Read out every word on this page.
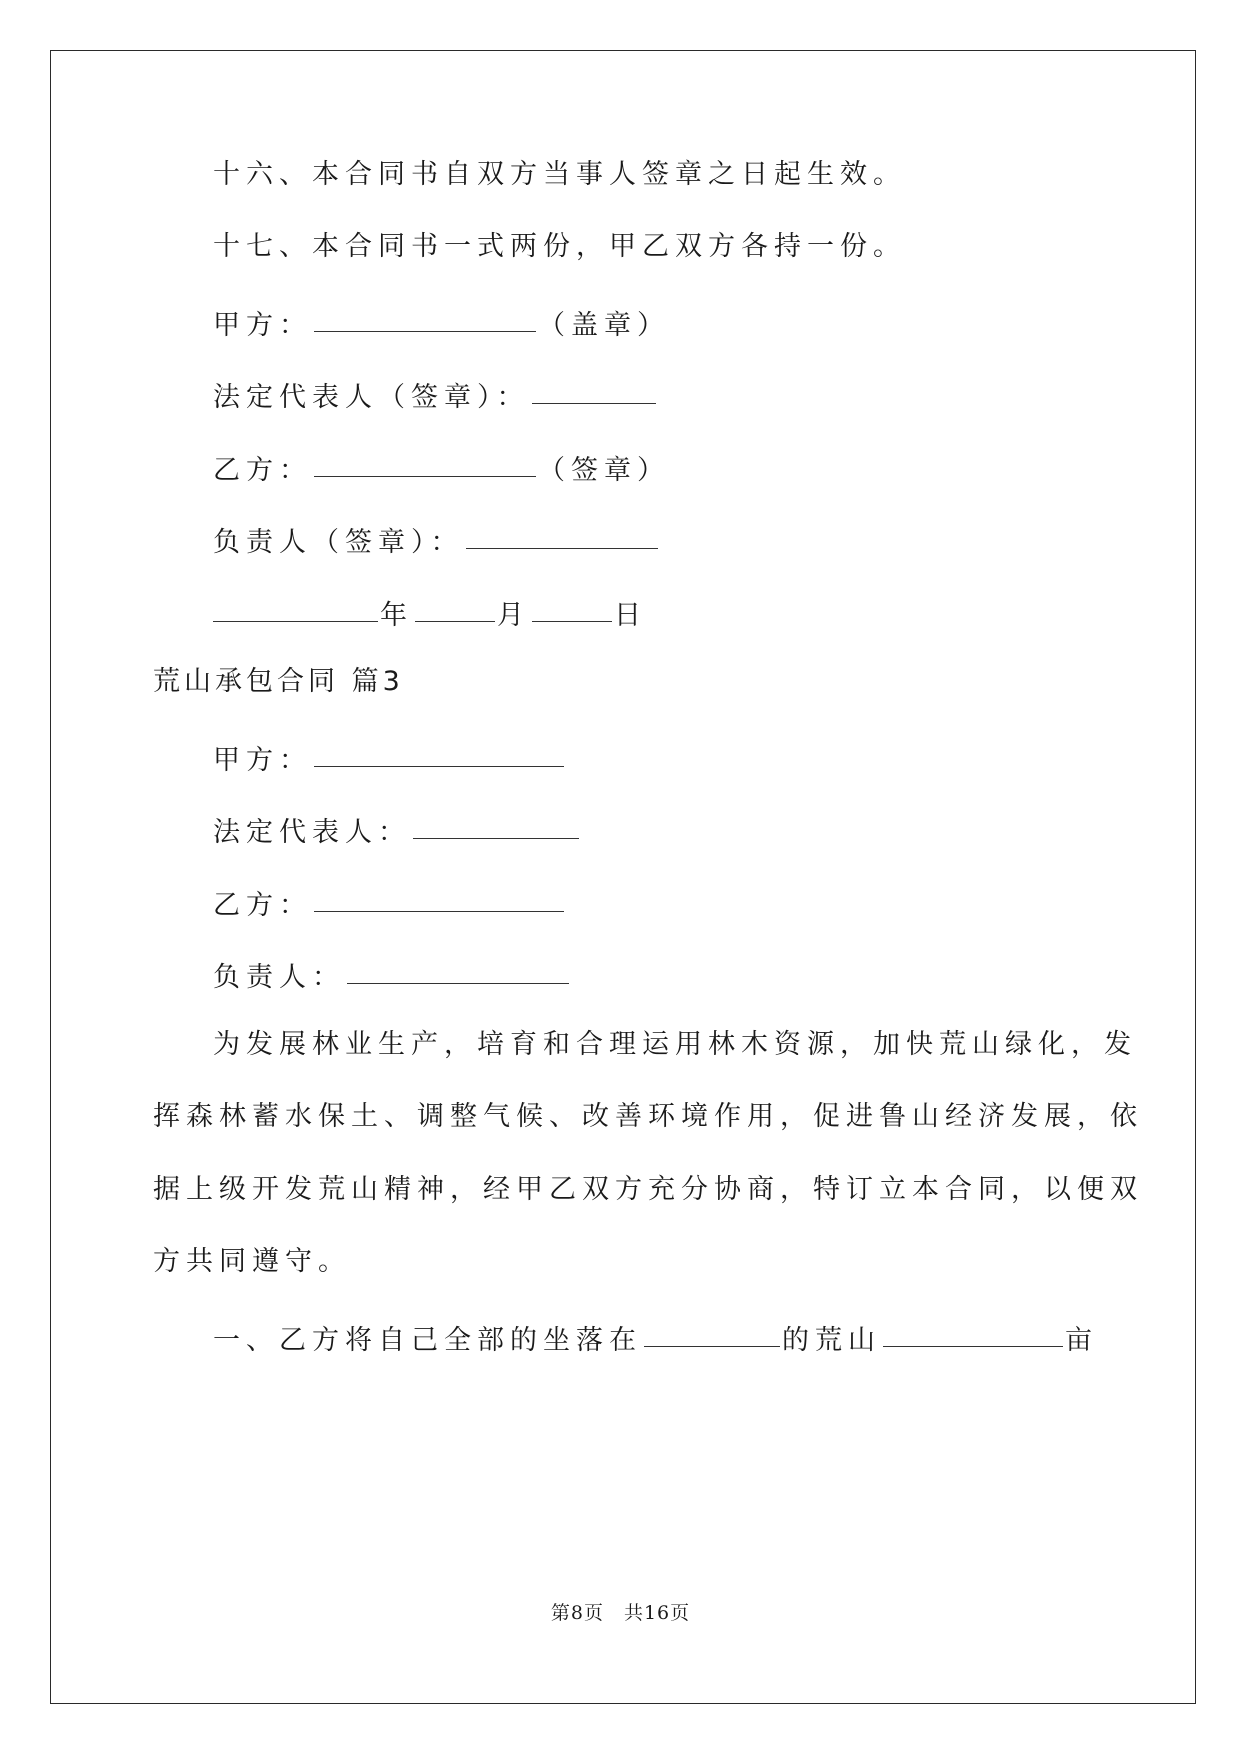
十六、本合同书自双方当事人签章之日起生效。
十七、本合同书一式两份，甲乙双方各持一份。
甲方：	（盖章）
法定代表人（签章）：
乙方：	（签章）
负责人（签章）：
年	月	日
荒山承包合同 篇3
甲方：
法定代表人：
乙方：
负责人：
为发展林业生产，培育和合理运用林木资源，加快荒山绿化，发
挥森林蓄水保土、调整气候、改善环境作用，促进鲁山经济发展，依
据上级开发荒山精神，经甲乙双方充分协商，特订立本合同，以便双
方共同遵守。
一、乙方将自己全部的坐落在	的荒山	亩
第8页　共16页
